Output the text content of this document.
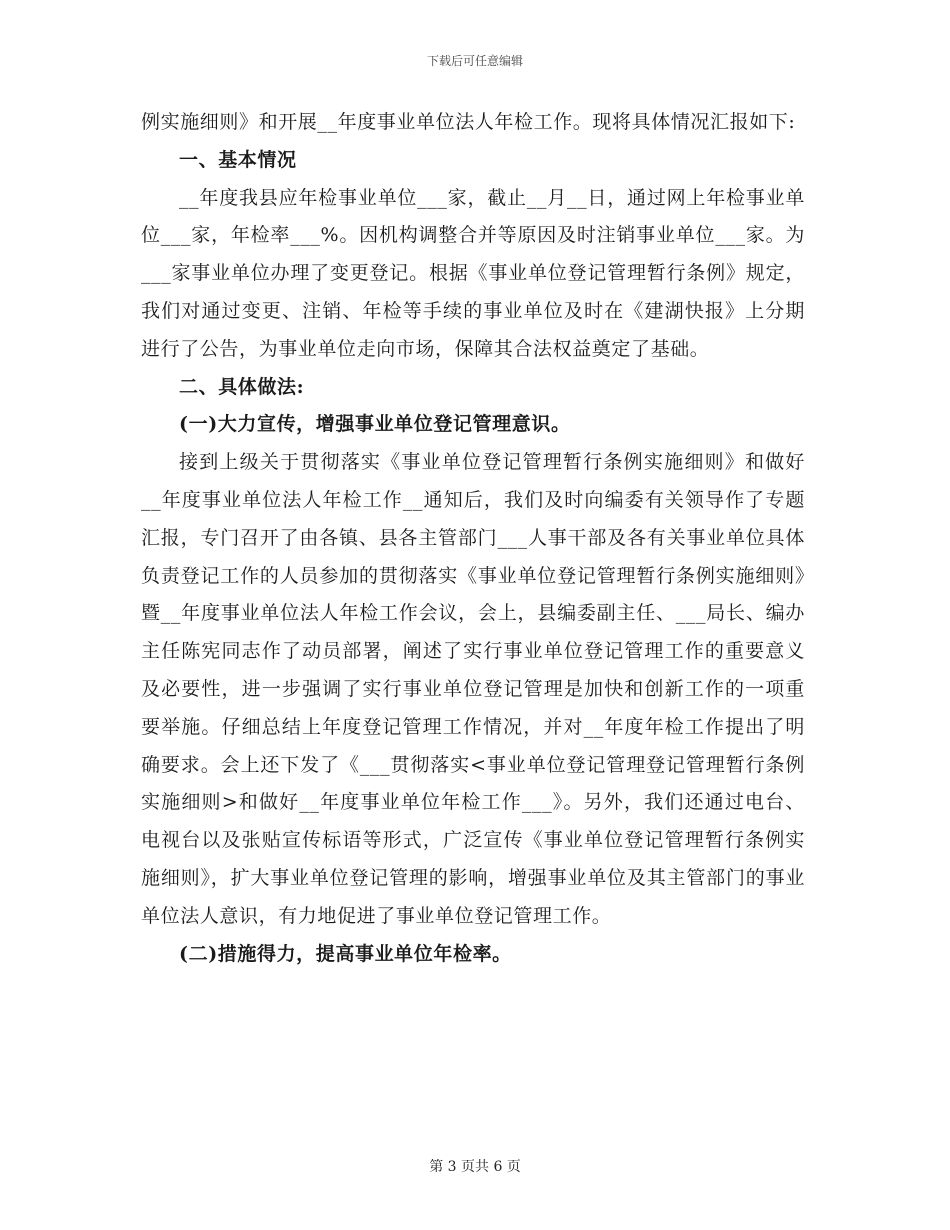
下载后可任意编辑

例实施细则》和开展__年度事业单位法人年检工作。现将具体情况汇报如下:

一、基本情况

__年度我县应年检事业单位___家，截止__月__日，通过网上年检事业单位___家，年检率___%。因机构调整合并等原因及时注销事业单位___家。为___家事业单位办理了变更登记。根据《事业单位登记管理暂行条例》规定，我们对通过变更、注销、年检等手续的事业单位及时在《建湖快报》上分期进行了公告，为事业单位走向市场，保障其合法权益奠定了基础。

二、具体做法:

(一)大力宣传，增强事业单位登记管理意识。

接到上级关于贯彻落实《事业单位登记管理暂行条例实施细则》和做好__年度事业单位法人年检工作__通知后，我们及时向编委有关领导作了专题汇报，专门召开了由各镇、县各主管部门___人事干部及各有关事业单位具体负责登记工作的人员参加的贯彻落实《事业单位登记管理暂行条例实施细则》暨__年度事业单位法人年检工作会议，会上，县编委副主任、___局长、编办主任陈宪同志作了动员部署，阐述了实行事业单位登记管理工作的重要意义及必要性，进一步强调了实行事业单位登记管理是加快和创新工作的一项重要举施。仔细总结上年度登记管理工作情况，并对__年度年检工作提出了明确要求。会上还下发了《___贯彻落实<事业单位登记管理登记管理暂行条例实施细则>和做好__年度事业单位年检工作___》。另外，我们还通过电台、电视台以及张贴宣传标语等形式，广泛宣传《事业单位登记管理暂行条例实施细则》，扩大事业单位登记管理的影响，增强事业单位及其主管部门的事业单位法人意识，有力地促进了事业单位登记管理工作。

(二)措施得力，提高事业单位年检率。

第 3 页共 6 页
